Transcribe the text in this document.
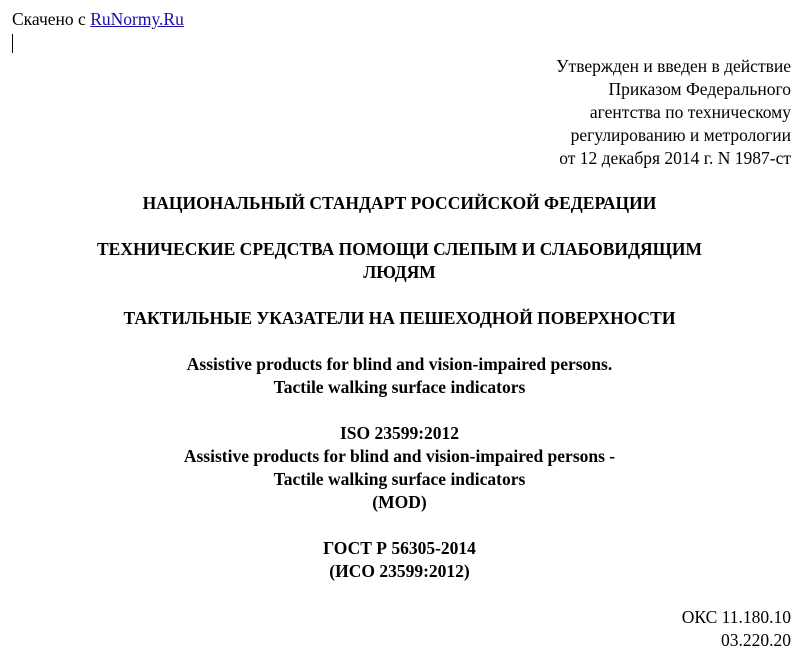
Скачено с RuNormy.Ru
Утвержден и введен в действие
Приказом Федерального
агентства по техническому
регулированию и метрологии
от 12 декабря 2014 г. N 1987-ст
НАЦИОНАЛЬНЫЙ СТАНДАРТ РОССИЙСКОЙ ФЕДЕРАЦИИ
ТЕХНИЧЕСКИЕ СРЕДСТВА ПОМОЩИ СЛЕПЫМ И СЛАБОВИДЯЩИМ
ЛЮДЯМ
ТАКТИЛЬНЫЕ УКАЗАТЕЛИ НА ПЕШЕХОДНОЙ ПОВЕРХНОСТИ
Assistive products for blind and vision-impaired persons.
Tactile walking surface indicators
ISO 23599:2012
Assistive products for blind and vision-impaired persons -
Tactile walking surface indicators
(MOD)
ГОСТ Р 56305-2014
(ИСО 23599:2012)
ОКС 11.180.10
03.220.20
